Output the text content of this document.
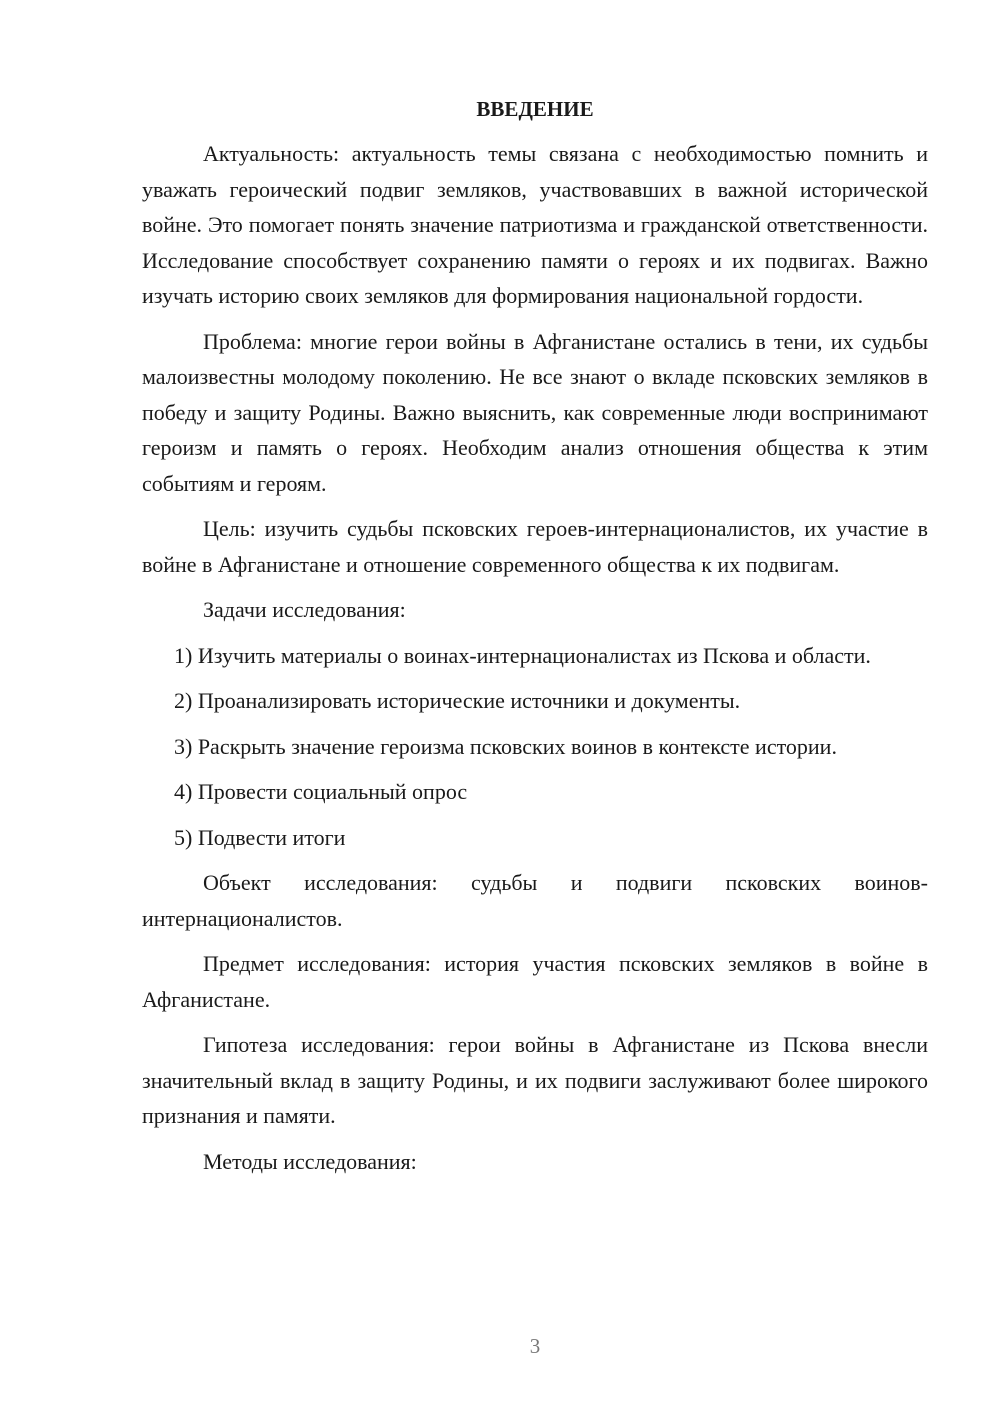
ВВЕДЕНИЕ

Актуальность: актуальность темы связана с необходимостью помнить и уважать героический подвиг земляков, участвовавших в важной исторической войне. Это помогает понять значение патриотизма и гражданской ответственности. Исследование способствует сохранению памяти о героях и их подвигах. Важно изучать историю своих земляков для формирования национальной гордости.

Проблема: многие герои войны в Афганистане остались в тени, их судьбы малоизвестны молодому поколению. Не все знают о вкладе псковских земляков в победу и защиту Родины. Важно выяснить, как современные люди воспринимают героизм и память о героях. Необходим анализ отношения общества к этим событиям и героям.

Цель: изучить судьбы псковских героев-интернационалистов, их участие в войне в Афганистане и отношение современного общества к их подвигам.

Задачи исследования:

1) Изучить материалы о воинах-интернационалистах из Пскова и области.

2) Проанализировать исторические источники и документы.

3) Раскрыть значение героизма псковских воинов в контексте истории.

4) Провести социальный опрос

5) Подвести итоги

Объект исследования: судьбы и подвиги псковских воинов-интернационалистов.

Предмет исследования: история участия псковских земляков в войне в Афганистане.

Гипотеза исследования: герои войны в Афганистане из Пскова внесли значительный вклад в защиту Родины, и их подвиги заслуживают более широкого признания и памяти.

Методы исследования:

3
